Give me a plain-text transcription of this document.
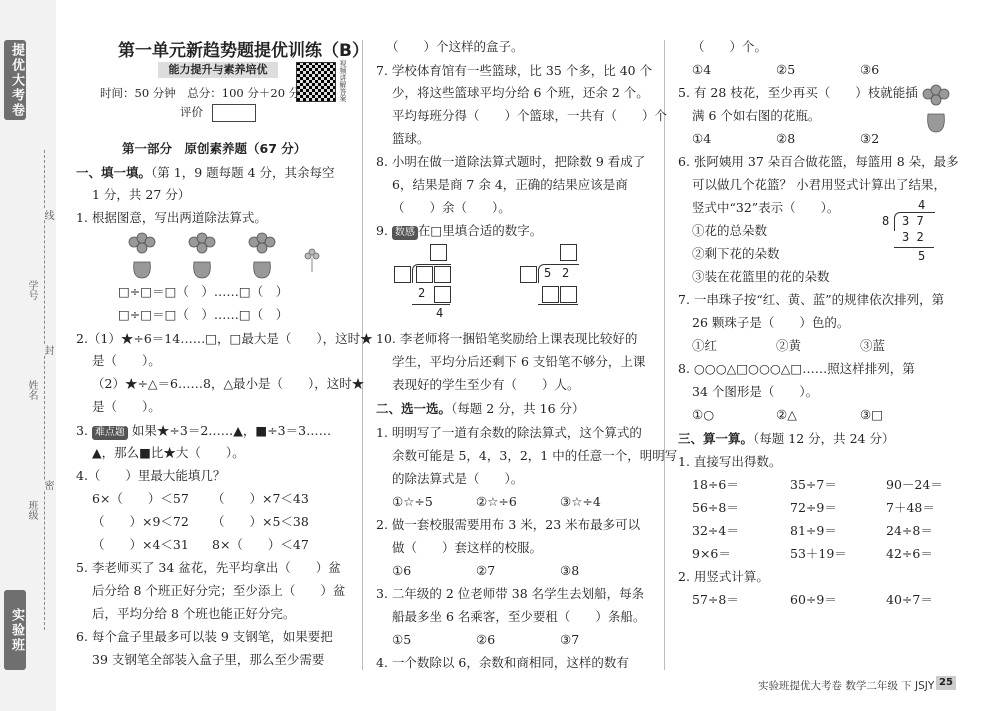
提优大考卷
实验班
学号
姓名
班级
线
封
密
第一单元新趋势题提优训练（B）
能力提升与素养培优	视频讲解答案
时间：50 分钟　总分：100 分＋20 分
评价
第一部分　原创素养题（67 分）
一、填一填。（第 1，9 题每题 4 分，其余每空
1 分，共 27 分）
1. 根据图意，写出两道除法算式。
□÷□＝□（　）……□（　）
□÷□＝□（　）……□（　）
2.（1）★÷6＝14……□，□最大是（　　），这时★
是（　　）。
（2）★÷△＝6……8，△最小是（　　），这时★
是（　　）。
3. 难点题 如果★÷3＝2……▲，■÷3＝3……
▲，那么■比★大（　　）。
4.（　　）里最大能填几？
6×（　　）＜57 （　　）×7＜43
（　　）×9＜72 （　　）×5＜38
（　　）×4＜31 8×（　　）＜47
5. 李老师买了 34 盆花，先平均拿出（　　）盆
后分给 8 个班正好分完；至少添上（　　）盆
后，平均分给 8 个班也能正好分完。
6. 每个盒子里最多可以装 9 支钢笔，如果要把
39 支钢笔全部装入盒子里，那么至少需要
（　　）个这样的盒子。
7. 学校体育馆有一些篮球，比 35 个多，比 40 个
少，将这些篮球平均分给 6 个班，还余 2 个。
平均每班分得（　　）个篮球，一共有（　　）个
篮球。
8. 小明在做一道除法算式题时，把除数 9 看成了
6，结果是商 7 余 4，正确的结果应该是商
（　　）余（　　）。
9. 数感 在□里填合适的数字。
2
4
5 2
10. 李老师将一捆铅笔奖励给上课表现比较好的
学生，平均分后还剩下 6 支铅笔不够分，上课
表现好的学生至少有（　　）人。
二、选一选。（每题 2 分，共 16 分）
1. 明明写了一道有余数的除法算式，这个算式的
余数可能是 5，4，3，2，1 中的任意一个，明明写
的除法算式是（　　）。
①☆÷5	②☆÷6	③☆÷4
2. 做一套校服需要用布 3 米，23 米布最多可以
做（　　）套这样的校服。
①6	②7	③8
3. 二年级的 2 位老师带 38 名学生去划船，每条
船最多坐 6 名乘客，至少要租（　　）条船。
①5	②6	③7
4. 一个数除以 6，余数和商相同，这样的数有
（　　）个。
①4	②5	③6
5. 有 28 枝花，至少再买（　　）枝就能插
满 6 个如右图的花瓶。
①4	②8	③2
6. 张阿姨用 37 朵百合做花篮，每篮用 8 朵，最多
可以做几个花篮？ 小君用竖式计算出了结果，
竖式中“32”表示（　　）。
①花的总朵数
②剩下花的朵数
③装在花篮里的花的朵数
4
8 3 7
3 2
5
7. 一串珠子按“红、黄、蓝”的规律依次排列，第
26 颗珠子是（　　）色的。
①红	②黄	③蓝
8. ○○○△□○○○△□……照这样排列，第
34 个图形是（　　）。
①○	②△	③□
三、算一算。（每题 12 分，共 24 分）
1. 直接写出得数。
18÷6＝	35÷7＝	90－24＝
56÷8＝	72÷9＝	7＋48＝
32÷4＝	81÷9＝	24÷8＝
9×6＝	53＋19＝	42÷6＝
2. 用竖式计算。
57÷8＝	60÷9＝	40÷7＝
实验班提优大考卷 数学二年级 下 JSJY 25
